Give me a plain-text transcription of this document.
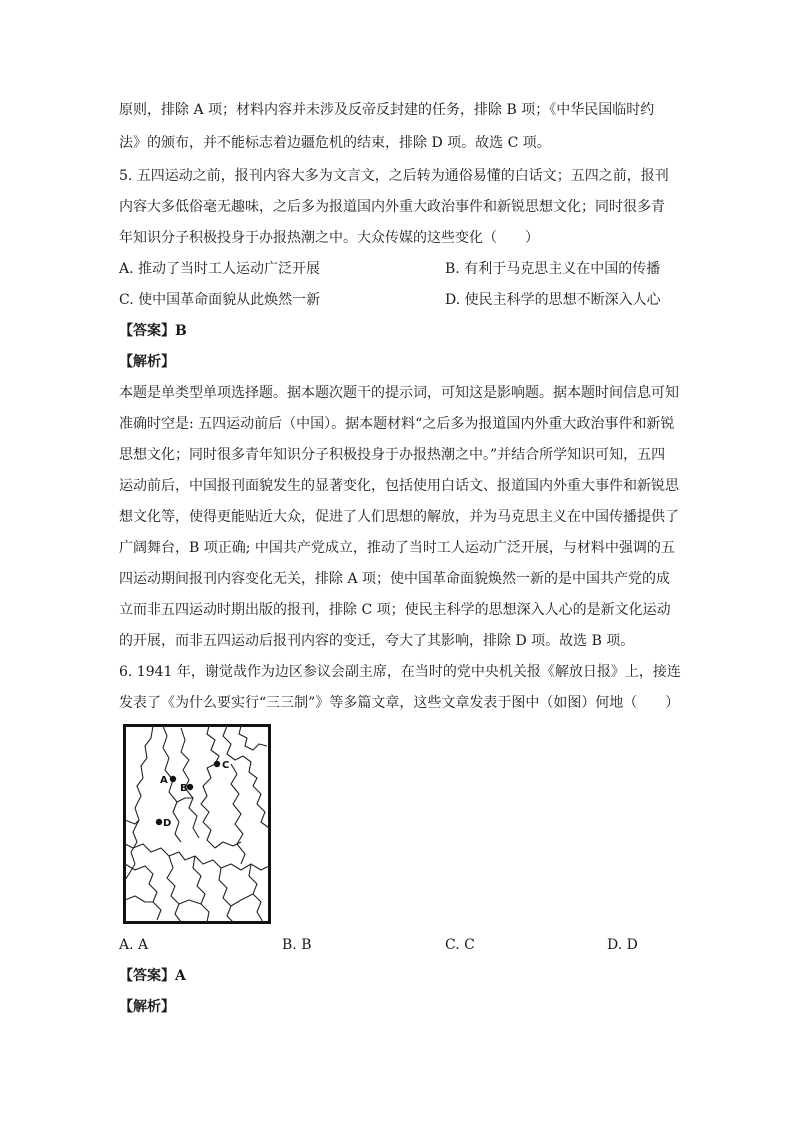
原则，排除 A 项；材料内容并未涉及反帝反封建的任务，排除 B 项；《中华民国临时约
法》的颁布，并不能标志着边疆危机的结束，排除 D 项。故选 C 项。
5. 五四运动之前，报刊内容大多为文言文，之后转为通俗易懂的白话文；五四之前，报刊
内容大多低俗毫无趣味，之后多为报道国内外重大政治事件和新锐思想文化；同时很多青
年知识分子积极投身于办报热潮之中。大众传媒的这些变化（　　）
A. 推动了当时工人运动广泛开展	B. 有利于马克思主义在中国的传播
C. 使中国革命面貌从此焕然一新	D. 使民主科学的思想不断深入人心
【答案】B
【解析】
本题是单类型单项选择题。据本题次题干的提示词，可知这是影响题。据本题时间信息可知
准确时空是: 五四运动前后（中国）。据本题材料“之后多为报道国内外重大政治事件和新锐
思想文化；同时很多青年知识分子积极投身于办报热潮之中。”并结合所学知识可知，五四
运动前后，中国报刊面貌发生的显著变化，包括使用白话文、报道国内外重大事件和新锐思
想文化等，使得更能贴近大众，促进了人们思想的解放，并为马克思主义在中国传播提供了
广阔舞台，B 项正确; 中国共产党成立，推动了当时工人运动广泛开展，与材料中强调的五
四运动期间报刊内容变化无关，排除 A 项；使中国革命面貌焕然一新的是中国共产党的成
立而非五四运动时期出版的报刊，排除 C 项；使民主科学的思想深入人心的是新文化运动
的开展，而非五四运动后报刊内容的变迁，夸大了其影响，排除 D 项。故选 B 项。
6. 1941 年，谢觉哉作为边区参议会副主席，在当时的党中央机关报《解放日报》上，接连
发表了《为什么要实行“三三制”》等多篇文章，这些文章发表于图中（如图）何地（　　）
A
B
C
D
A. A	B. B	C. C	D. D
【答案】A
【解析】
